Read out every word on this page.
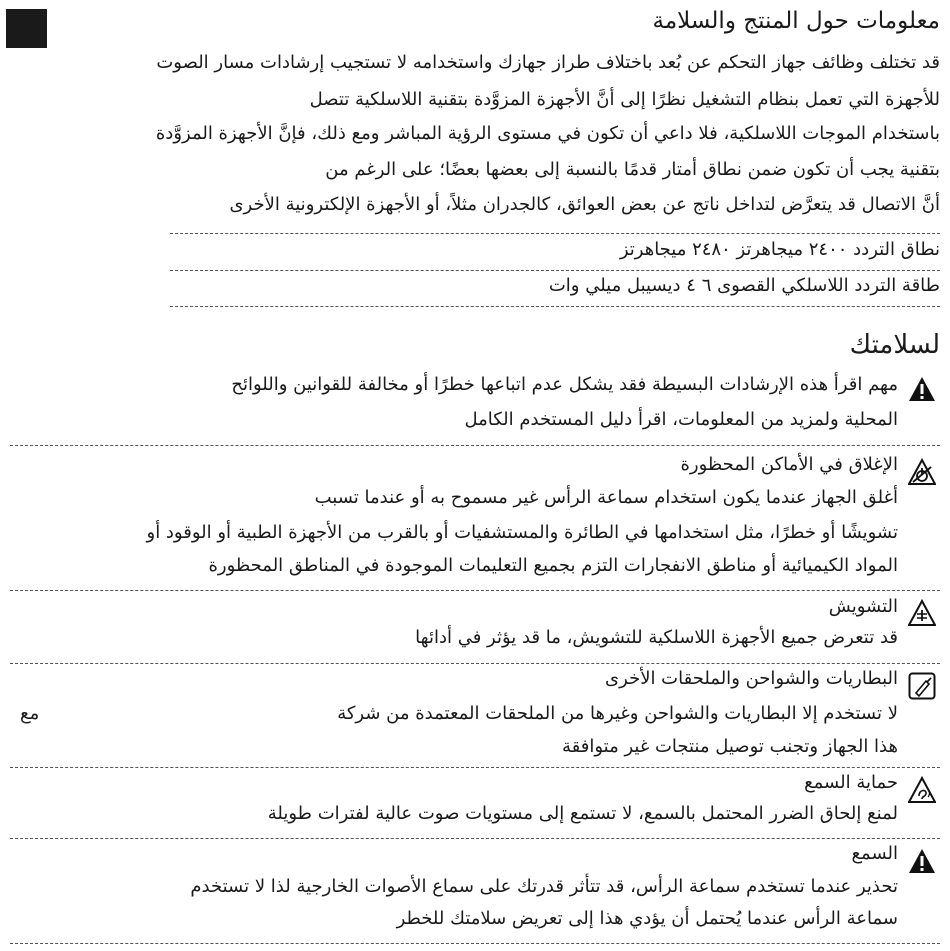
معلومات حول المنتج والسلامة
قد تختلف وظائف جهاز التحكم عن بُعد باختلاف طراز جهازك واستخدامه لا تستجيب إرشادات مسار الصوت
للأجهزة التي تعمل بنظام التشغيل نظرًا إلى أنَّ الأجهزة المزوَّدة بتقنية اللاسلكية تتصل
باستخدام الموجات اللاسلكية، فلا داعي أن تكون في مستوى الرؤية المباشر ومع ذلك، فإنَّ الأجهزة المزوَّدة
بتقنية يجب أن تكون ضمن نطاق أمتار قدمًا بالنسبة إلى بعضها بعضًا؛ على الرغم من
أنَّ الاتصال قد يتعرَّض لتداخل ناتج عن بعض العوائق، كالجدران مثلاً، أو الأجهزة الإلكترونية الأخرى
نطاق التردد ٢٤٠٠ ميجاهرتز ٢٤٨٠ ميجاهرتز
طاقة التردد اللاسلكي القصوى ٦ ٤ ديسيبل ميلي وات
لسلامتك
مهم اقرأ هذه الإرشادات البسيطة فقد يشكل عدم اتباعها خطرًا أو مخالفة للقوانين واللوائح
المحلية ولمزيد من المعلومات، اقرأ دليل المستخدم الكامل
الإغلاق في الأماكن المحظورة
أغلق الجهاز عندما يكون استخدام سماعة الرأس غير مسموح به أو عندما تسبب
تشويشًا أو خطرًا، مثل استخدامها في الطائرة والمستشفيات أو بالقرب من الأجهزة الطبية أو الوقود أو
المواد الكيميائية أو مناطق الانفجارات التزم بجميع التعليمات الموجودة في المناطق المحظورة
التشويش
قد تتعرض جميع الأجهزة اللاسلكية للتشويش، ما قد يؤثر في أدائها
البطاريات والشواحن والملحقات الأخرى
لا تستخدم إلا البطاريات والشواحن وغيرها من الملحقات المعتمدة من شركة
مع
هذا الجهاز وتجنب توصيل منتجات غير متوافقة
حماية السمع
لمنع إلحاق الضرر المحتمل بالسمع، لا تستمع إلى مستويات صوت عالية لفترات طويلة
السمع
تحذير عندما تستخدم سماعة الرأس، قد تتأثر قدرتك على سماع الأصوات الخارجية لذا لا تستخدم
سماعة الرأس عندما يُحتمل أن يؤدي هذا إلى تعريض سلامتك للخطر
